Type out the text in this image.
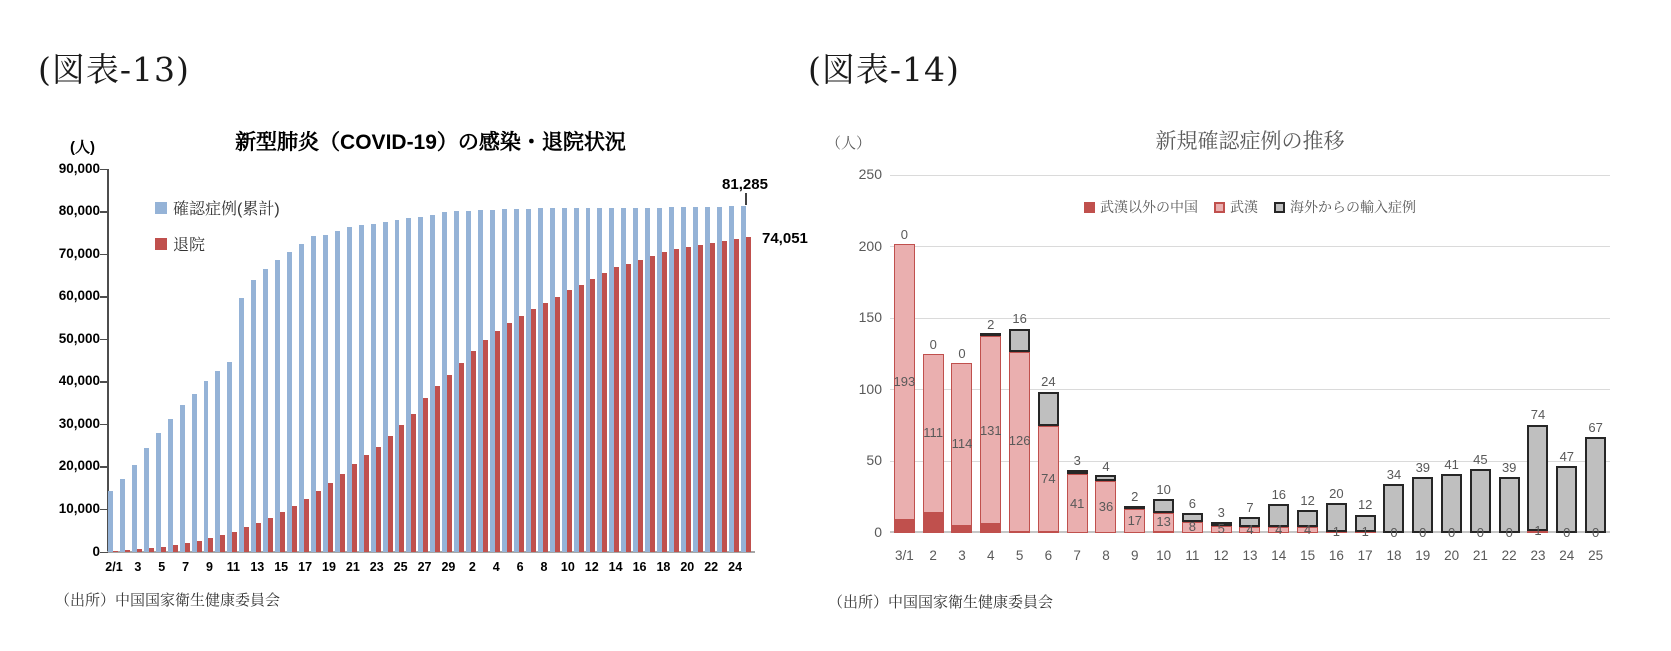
(図表-13)
新型肺炎（COVID-19）の感染・退院状況
(人)
90,000
80,000
70,000
60,000
50,000
40,000
30,000
20,000
10,000
0
2/1 3	5	7	9	11 13 15 17 19 21 23 25 27 29	2	4	6	8	10 12 14 16 18 20 22 24
確認症例(累計)
退院
81,285
74,051
（出所）中国国家衛生健康委員会
(図表-14)
新規確認症例の推移
（人）
250
200
150
100
50
0
0
193
0
111
0
114
2
131
16
126
24
74
3
41
4
36
2
17
10
13
6
8
3
5
7
4
16
4
12
4
20
1
12
1
34
0
39
0
41
0
45
0
39
0
74
1
47
0
67
0
3/1	2	3	4	5	6	7	8	9	10	11	12	13	14	15	16	17	18	19	20	21	22	23	24	25
武漢以外の中国 武漢 海外からの輸入症例
（出所）中国国家衛生健康委員会
